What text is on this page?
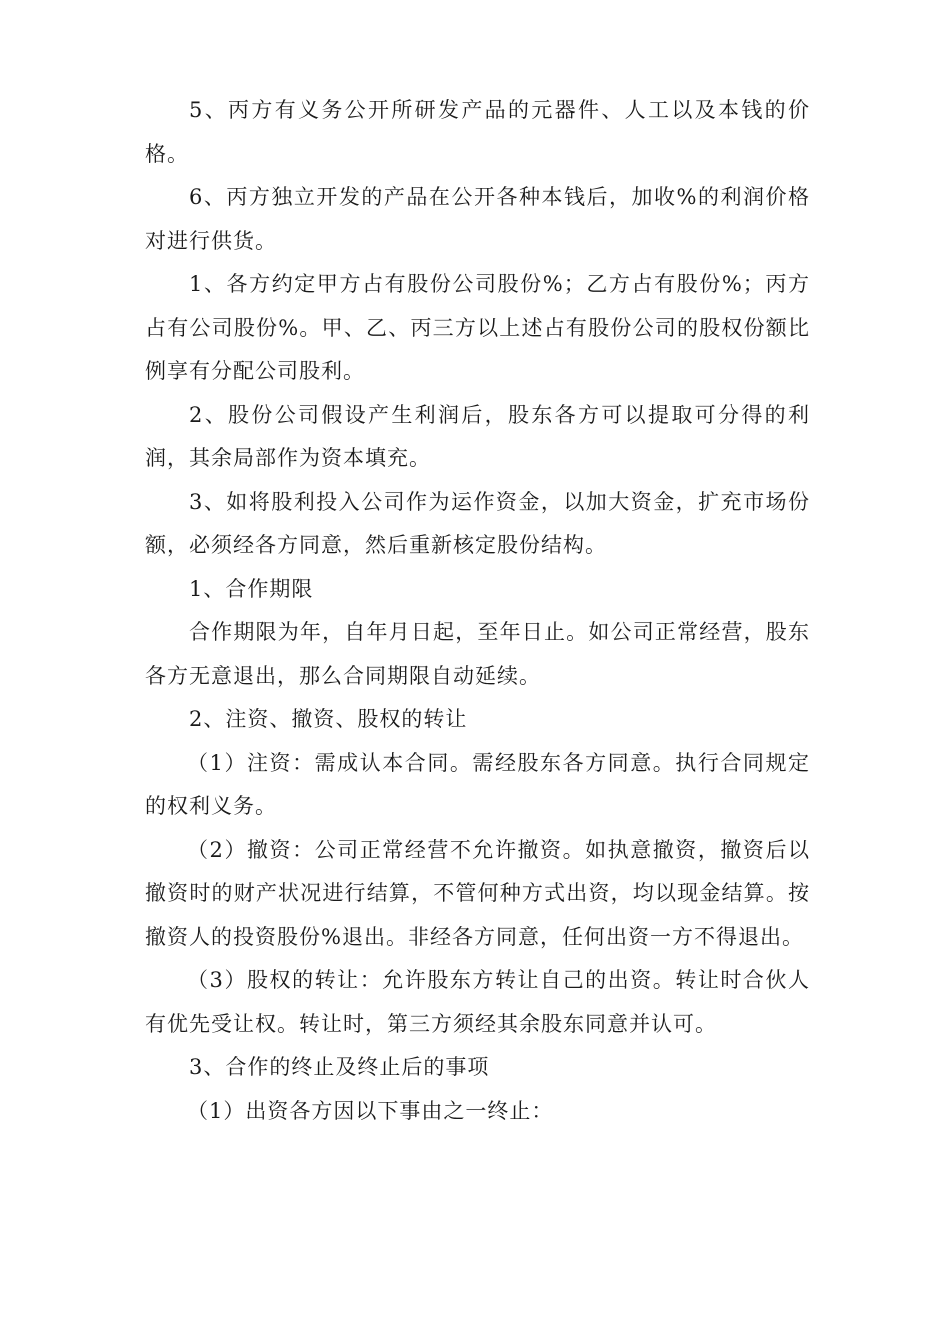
5、丙方有义务公开所研发产品的元器件、人工以及本钱的价格。

6、丙方独立开发的产品在公开各种本钱后，加收%的利润价格对进行供货。

1、各方约定甲方占有股份公司股份%；乙方占有股份%；丙方占有公司股份%。甲、乙、丙三方以上述占有股份公司的股权份额比例享有分配公司股利。

2、股份公司假设产生利润后，股东各方可以提取可分得的利润，其余局部作为资本填充。

3、如将股利投入公司作为运作资金，以加大资金，扩充市场份额，必须经各方同意，然后重新核定股份结构。

1、合作期限

合作期限为年，自年月日起，至年日止。如公司正常经营，股东各方无意退出，那么合同期限自动延续。

2、注资、撤资、股权的转让

（1）注资：需成认本合同。需经股东各方同意。执行合同规定的权利义务。

（2）撤资：公司正常经营不允许撤资。如执意撤资，撤资后以撤资时的财产状况进行结算，不管何种方式出资，均以现金结算。按撤资人的投资股份%退出。非经各方同意，任何出资一方不得退出。

（3）股权的转让：允许股东方转让自己的出资。转让时合伙人有优先受让权。转让时，第三方须经其余股东同意并认可。

3、合作的终止及终止后的事项

（1）出资各方因以下事由之一终止：
